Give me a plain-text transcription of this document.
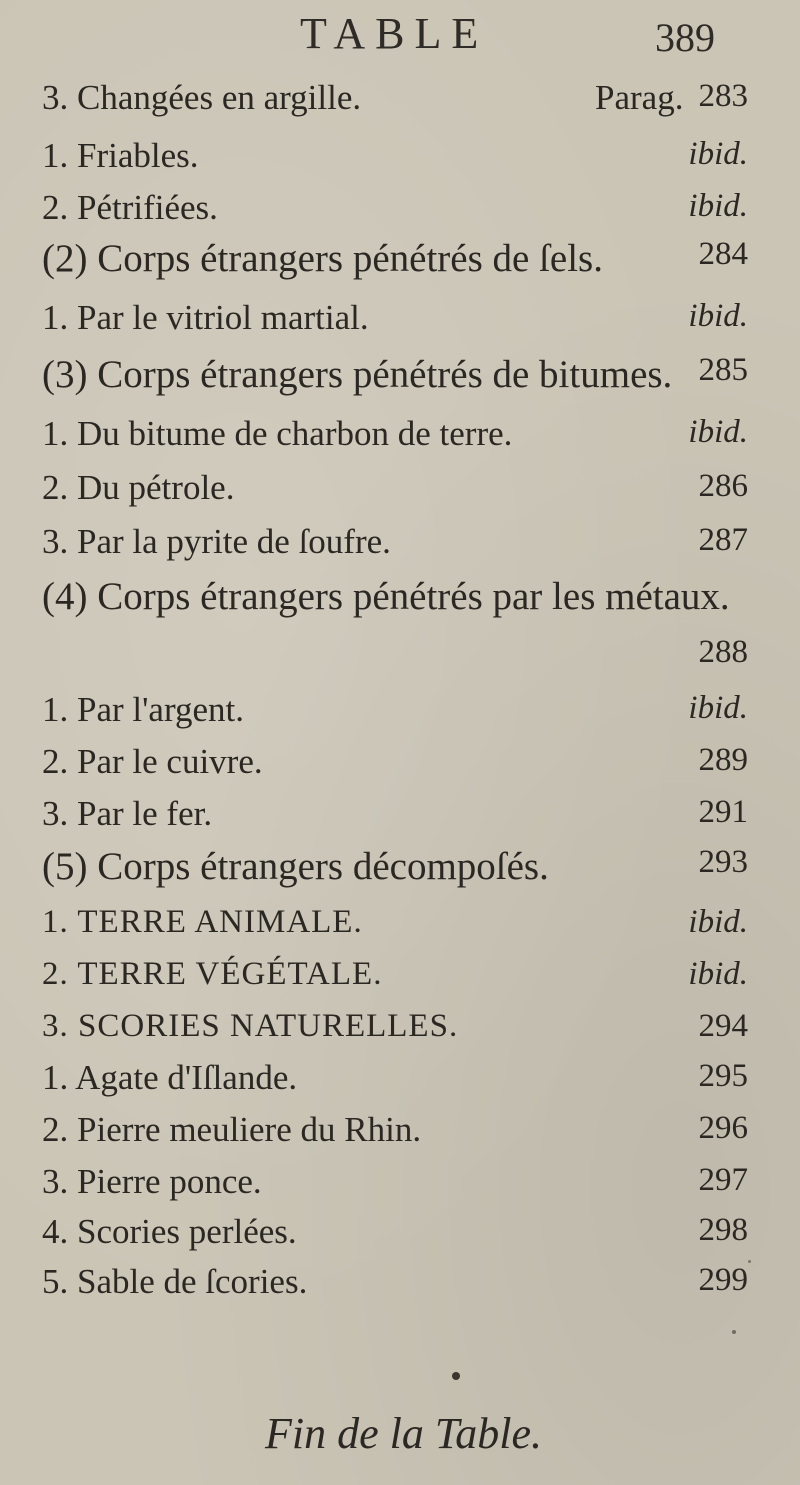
TABLE	389
3. Changées en argille.	Parag. 283
1. Friables.	ibid.
2. Pétrifiées.	ibid.
(2) Corps étrangers pénétrés de ſels.	284
1. Par le vitriol martial.	ibid.
(3) Corps étrangers pénétrés de bitumes. 285
1. Du bitume de charbon de terre.	ibid.
2. Du pétrole.	286
3. Par la pyrite de ſoufre.	287
(4) Corps étrangers pénétrés par les métaux.
288
1. Par l'argent.	ibid.
2. Par le cuivre.	289
3. Par le fer.	291
(5) Corps étrangers décompoſés.	293
1. TERRE ANIMALE.	ibid.
2. TERRE VÉGÉTALE.	ibid.
3. SCORIES NATURELLES.	294
1. Agate d'Iſlande.	295
2. Pierre meuliere du Rhin.	296
3. Pierre ponce.	297
4. Scories perlées.	298
5. Sable de ſcories.	299
Fin de la Table.
